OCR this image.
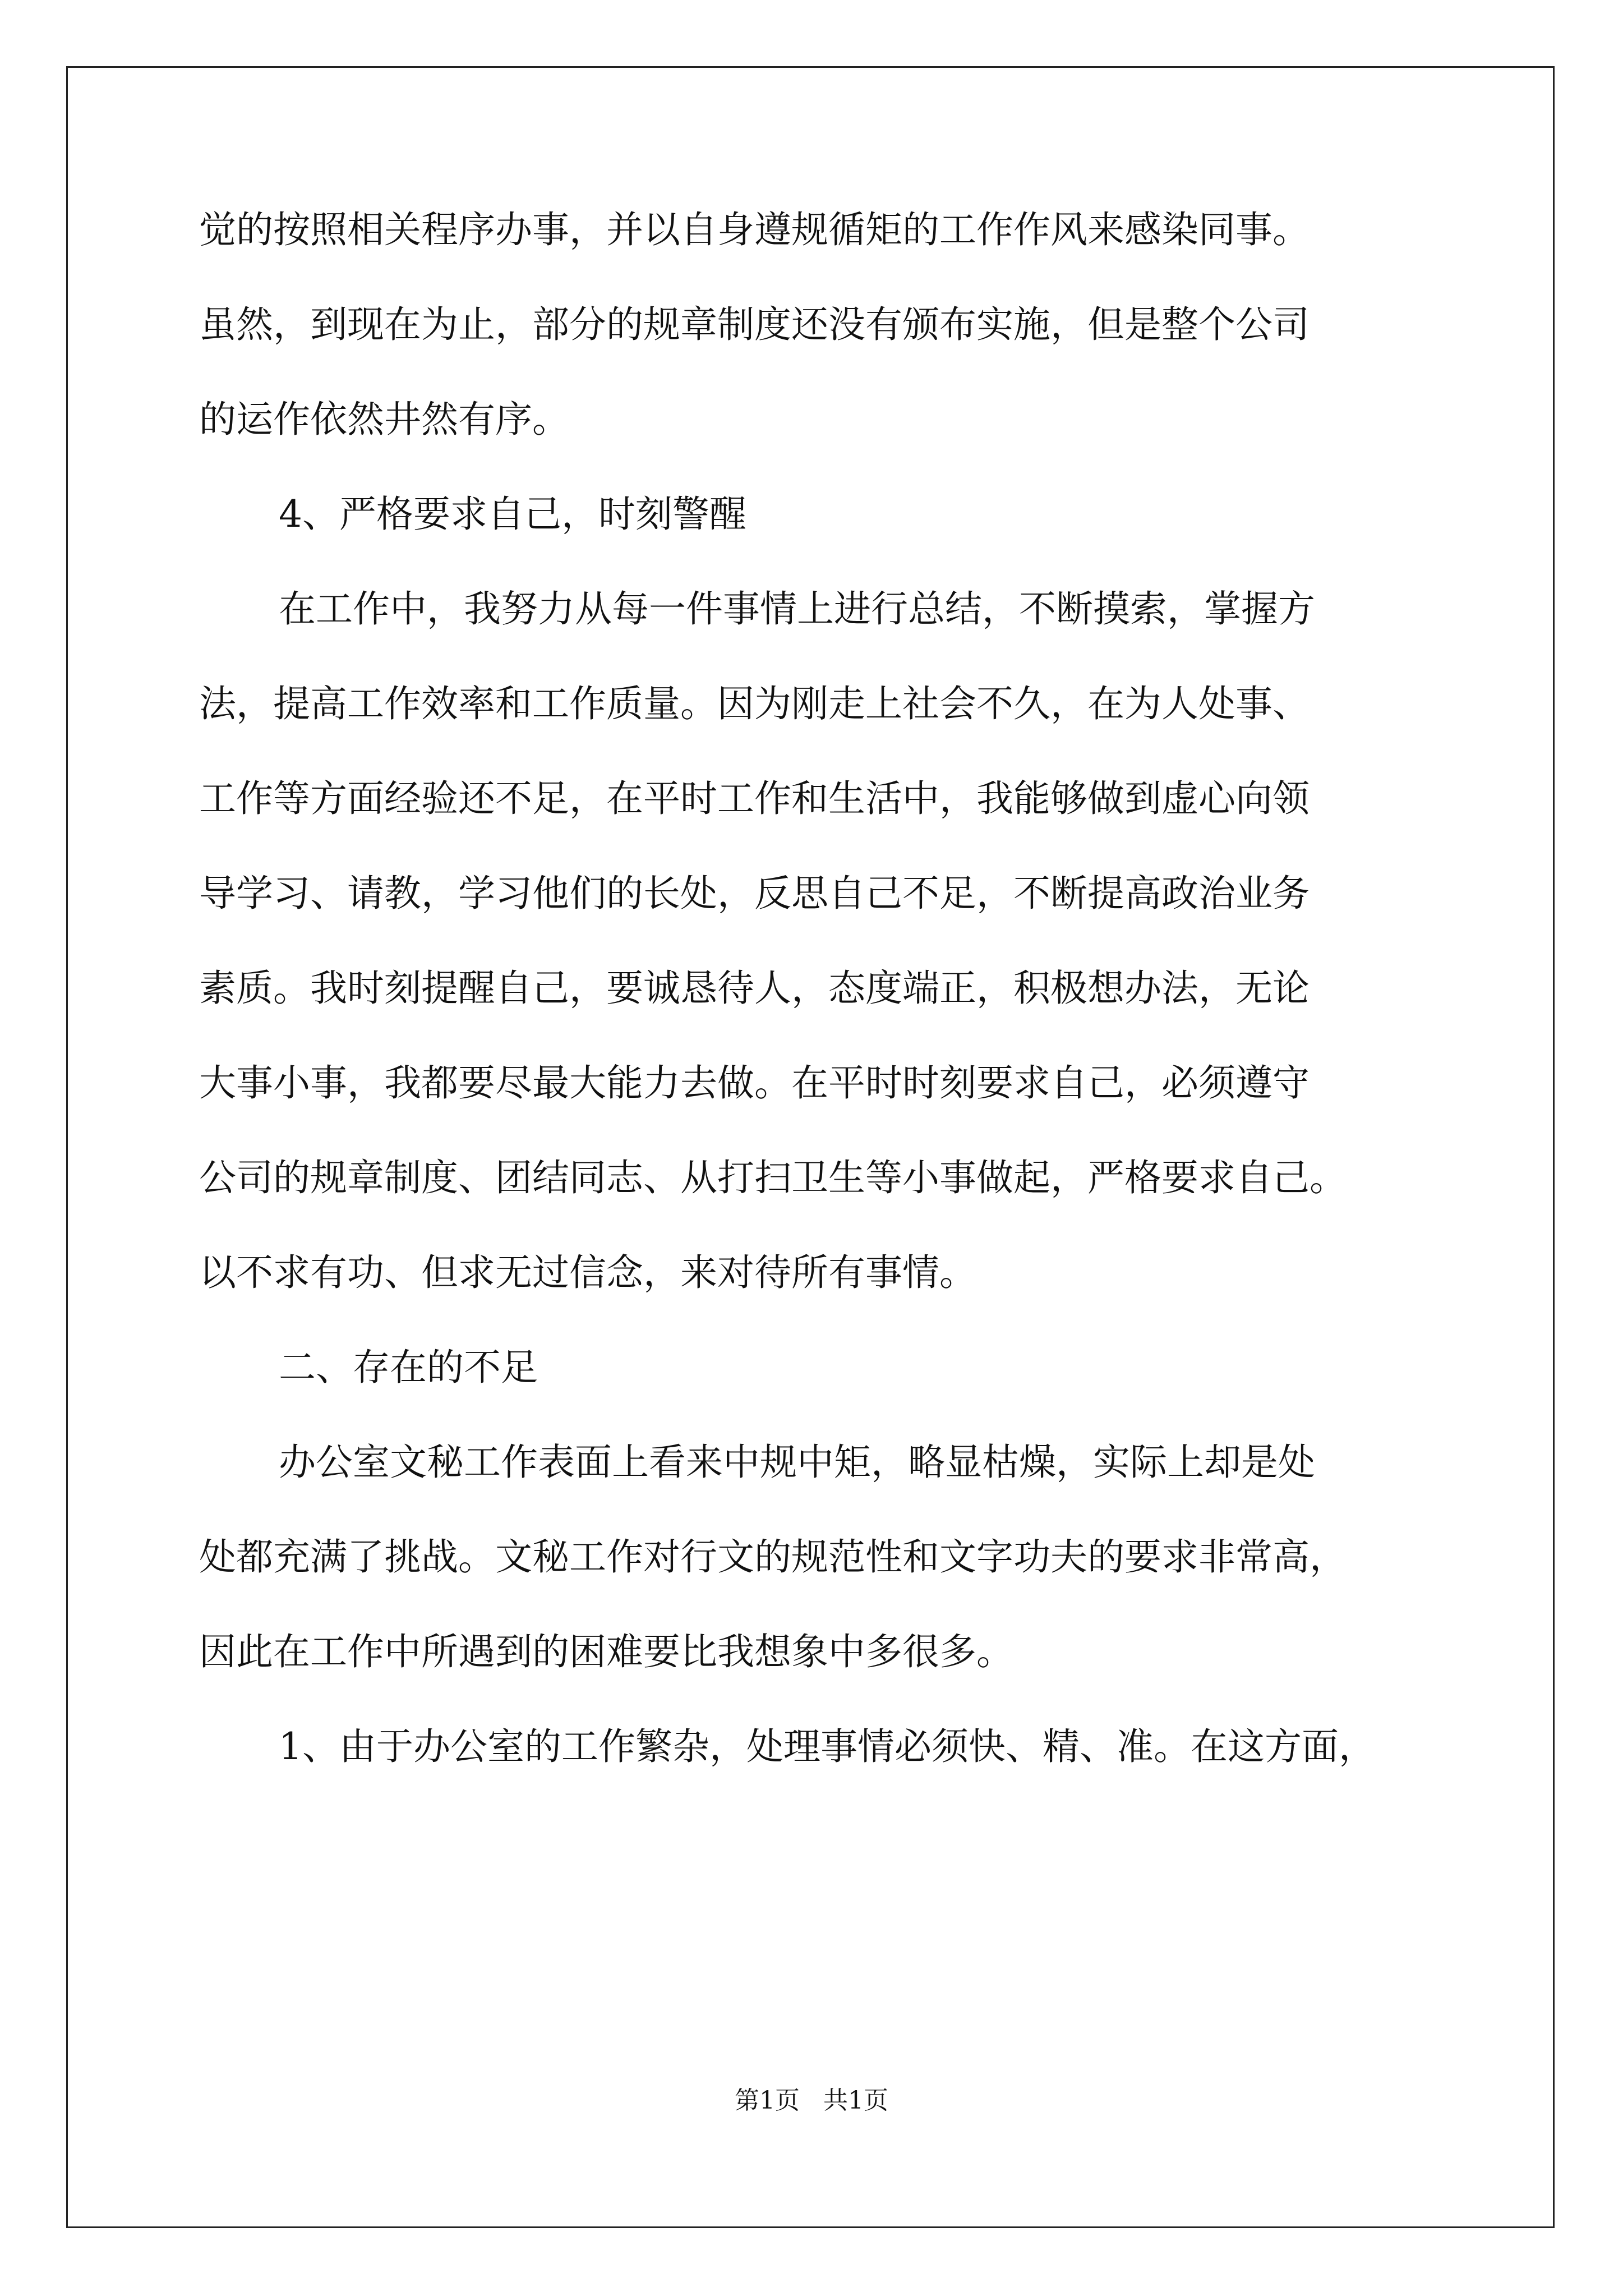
觉的按照相关程序办事，并以自身遵规循矩的工作作风来感染同事。
虽然，到现在为止，部分的规章制度还没有颁布实施，但是整个公司
的运作依然井然有序。
4、严格要求自己，时刻警醒
在工作中，我努力从每一件事情上进行总结，不断摸索，掌握方
法，提高工作效率和工作质量。因为刚走上社会不久，在为人处事、
工作等方面经验还不足，在平时工作和生活中，我能够做到虚心向领
导学习、请教，学习他们的长处，反思自己不足，不断提高政治业务
素质。我时刻提醒自己，要诚恳待人，态度端正，积极想办法，无论
大事小事，我都要尽最大能力去做。在平时时刻要求自己，必须遵守
公司的规章制度、团结同志、从打扫卫生等小事做起，严格要求自己。
以不求有功、但求无过信念，来对待所有事情。
二、存在的不足
办公室文秘工作表面上看来中规中矩，略显枯燥，实际上却是处
处都充满了挑战。文秘工作对行文的规范性和文字功夫的要求非常高，
因此在工作中所遇到的困难要比我想象中多很多。
1、由于办公室的工作繁杂，处理事情必须快、精、准。在这方面，
第1页   共1页
